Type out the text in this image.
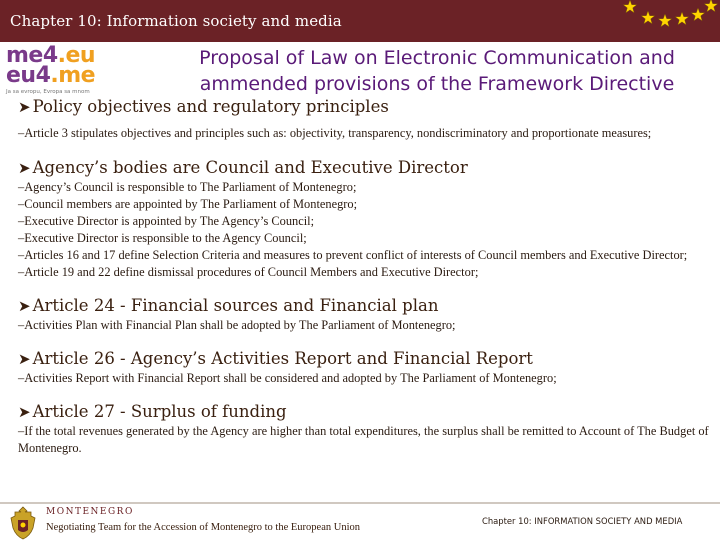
Chapter 10: Information society and media
me4.eu
eu4.me
Ja sa evropu, Evropa sa mnom
Proposal of Law on Electronic Communication and
ammended provisions of the Framework Directive
➤ Policy objectives and regulatory principles
–Article 3 stipulates objectives and principles such as: objectivity, transparency, nondiscriminatory and proportionate measures;
➤ Agency’s bodies are Council and Executive Director
–Agency’s Council is responsible to The Parliament of Montenegro;
–Council members are appointed by The Parliament of Montenegro;
–Executive Director is appointed by The Agency’s Council;
–Executive Director is responsible to the Agency Council;
–Articles 16 and 17 define Selection Criteria and measures to prevent conflict of interests of Council members and Executive Director;
–Article 19 and 22 define dismissal procedures of Council Members and Executive Director;
➤ Article 24 - Financial sources and Financial plan
–Activities Plan with Financial Plan shall be adopted by The Parliament of Montenegro;
➤ Article 26 - Agency’s Activities Report and Financial Report
–Activities Report with Financial Report shall be considered and adopted by The Parliament of Montenegro;
➤ Article 27 - Surplus of funding
–If the total revenues generated by the Agency are higher than total expenditures, the surplus shall be remitted to Account of The Budget of Montenegro.
MONTENEGRO
Negotiating Team for the Accession of Montenegro to the European Union
Chapter 10: INFORMATION SOCIETY AND MEDIA
